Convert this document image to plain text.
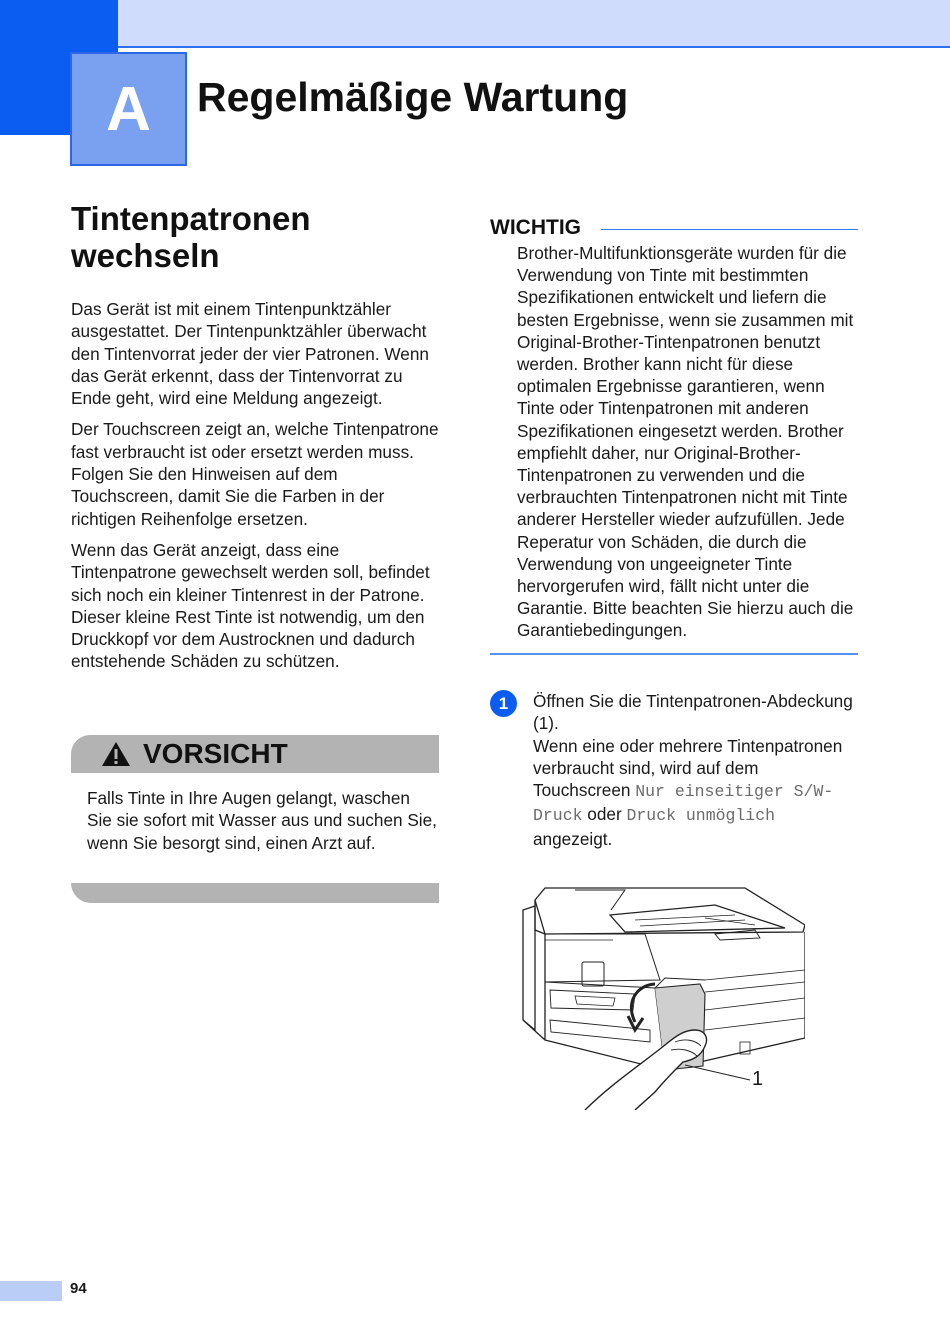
A Regelmäßige Wartung
Tintenpatronen
wechseln

Das Gerät ist mit einem Tintenpunktzähler ausgestattet. Der Tintenpunktzähler überwacht den Tintenvorrat jeder der vier Patronen. Wenn das Gerät erkennt, dass der Tintenvorrat zu Ende geht, wird eine Meldung angezeigt.

Der Touchscreen zeigt an, welche Tintenpatrone fast verbraucht ist oder ersetzt werden muss. Folgen Sie den Hinweisen auf dem Touchscreen, damit Sie die Farben in der richtigen Reihenfolge ersetzen.

Wenn das Gerät anzeigt, dass eine Tintenpatrone gewechselt werden soll, befindet sich noch ein kleiner Tintenrest in der Patrone. Dieser kleine Rest Tinte ist notwendig, um den Druckkopf vor dem Austrocknen und dadurch entstehende Schäden zu schützen.

VORSICHT
Falls Tinte in Ihre Augen gelangt, waschen Sie sie sofort mit Wasser aus und suchen Sie, wenn Sie besorgt sind, einen Arzt auf.
WICHTIG
Brother-Multifunktionsgeräte wurden für die Verwendung von Tinte mit bestimmten Spezifikationen entwickelt und liefern die besten Ergebnisse, wenn sie zusammen mit Original-Brother-Tintenpatronen benutzt werden. Brother kann nicht für diese optimalen Ergebnisse garantieren, wenn Tinte oder Tintenpatronen mit anderen Spezifikationen eingesetzt werden. Brother empfiehlt daher, nur Original-Brother-Tintenpatronen zu verwenden und die verbrauchten Tintenpatronen nicht mit Tinte anderer Hersteller wieder aufzufüllen. Jede Reperatur von Schäden, die durch die Verwendung von ungeeigneter Tinte hervorgerufen wird, fällt nicht unter die Garantie. Bitte beachten Sie hierzu auch die Garantiebedingungen.
1	Öffnen Sie die Tintenpatronen-Abdeckung (1).
Wenn eine oder mehrere Tintenpatronen verbraucht sind, wird auf dem Touchscreen Nur einseitiger S/W-Druck oder Druck unmöglich angezeigt.
1
94
